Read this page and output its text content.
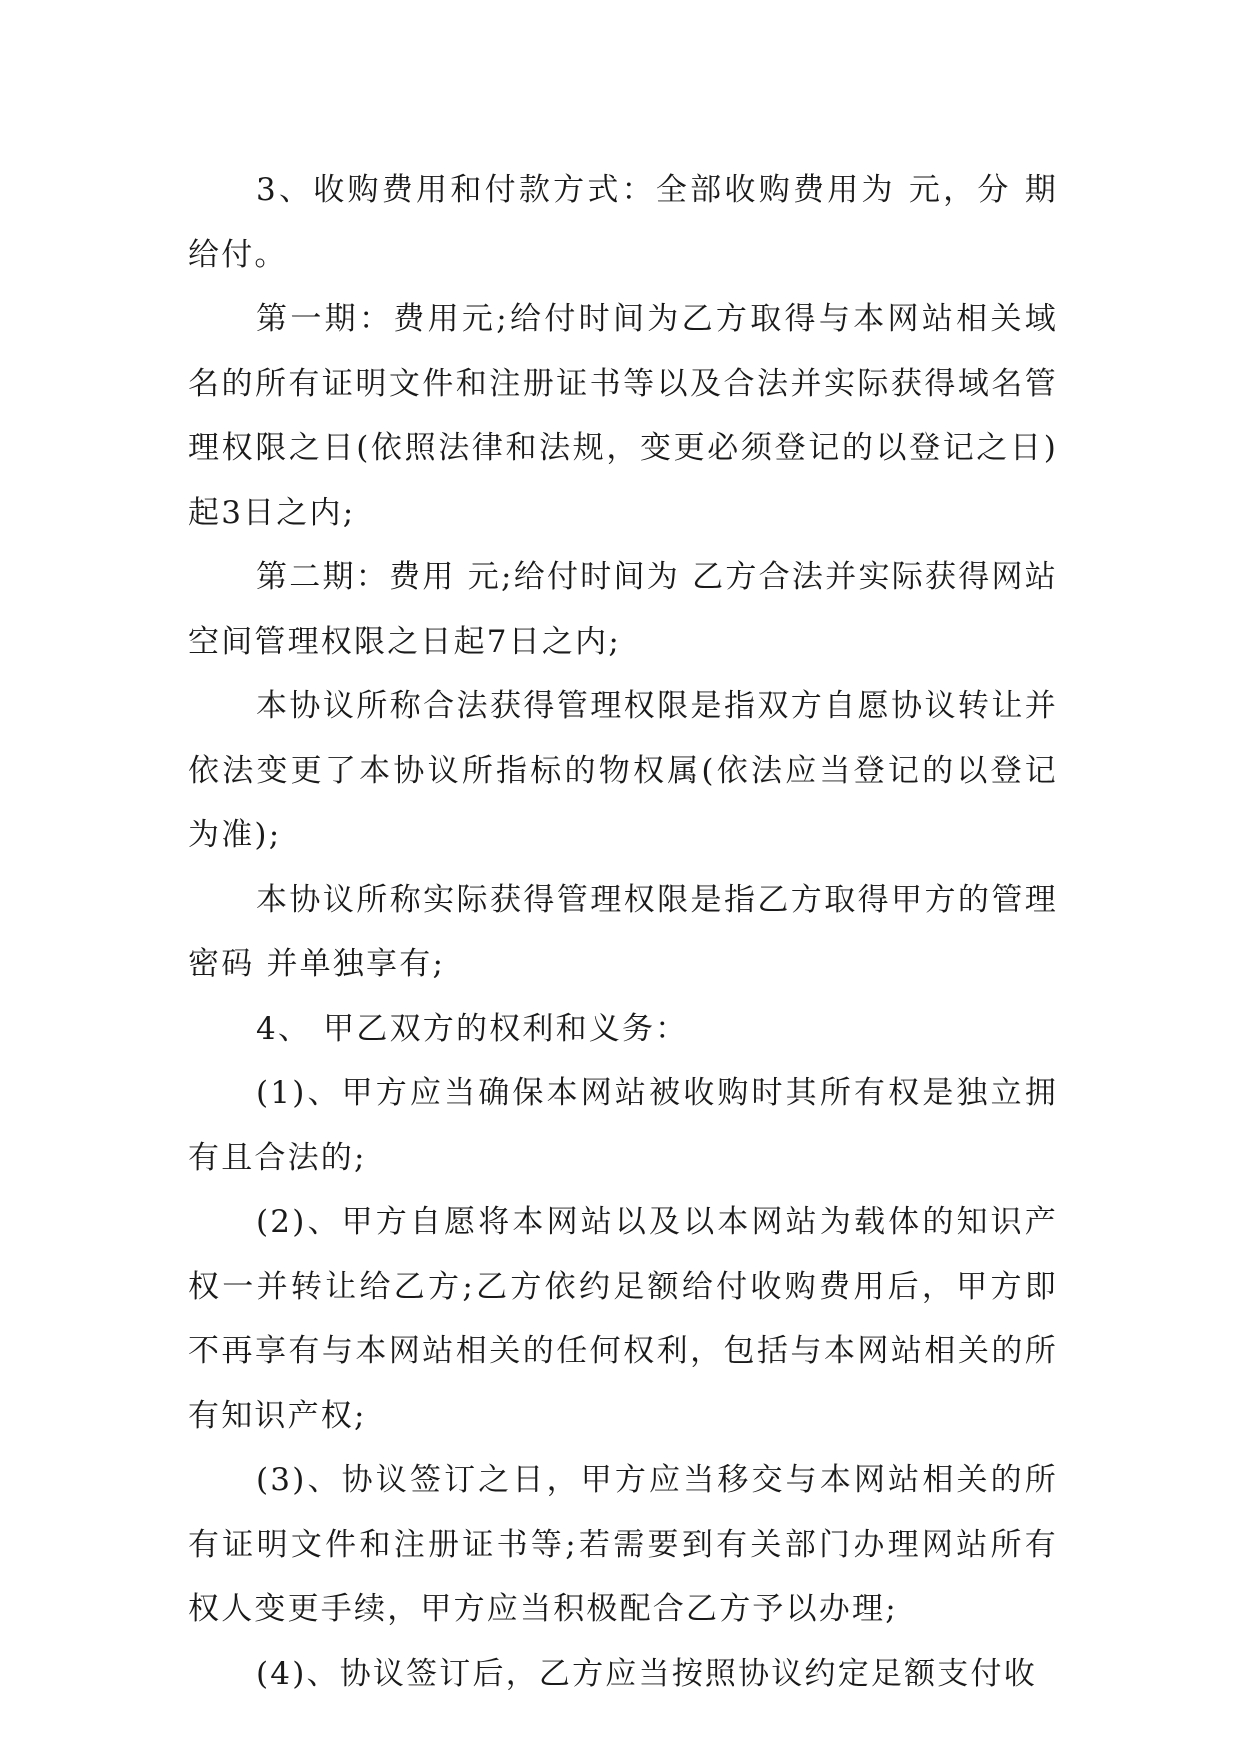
3、收购费用和付款方式：全部收购费用为 元，分 期给付。

第一期：费用元;给付时间为乙方取得与本网站相关域名的所有证明文件和注册证书等以及合法并实际获得域名管理权限之日(依照法律和法规，变更必须登记的以登记之日)起3日之内;

第二期：费用 元;给付时间为 乙方合法并实际获得网站空间管理权限之日起7日之内;

本协议所称合法获得管理权限是指双方自愿协议转让并依法变更了本协议所指标的物权属(依法应当登记的以登记为准);

本协议所称实际获得管理权限是指乙方取得甲方的管理密码 并单独享有;

4、 甲乙双方的权利和义务：

(1)、甲方应当确保本网站被收购时其所有权是独立拥有且合法的;

(2)、甲方自愿将本网站以及以本网站为载体的知识产权一并转让给乙方;乙方依约足额给付收购费用后，甲方即不再享有与本网站相关的任何权利，包括与本网站相关的所有知识产权;

(3)、协议签订之日，甲方应当移交与本网站相关的所有证明文件和注册证书等;若需要到有关部门办理网站所有权人变更手续，甲方应当积极配合乙方予以办理;

(4)、协议签订后，乙方应当按照协议约定足额支付收
